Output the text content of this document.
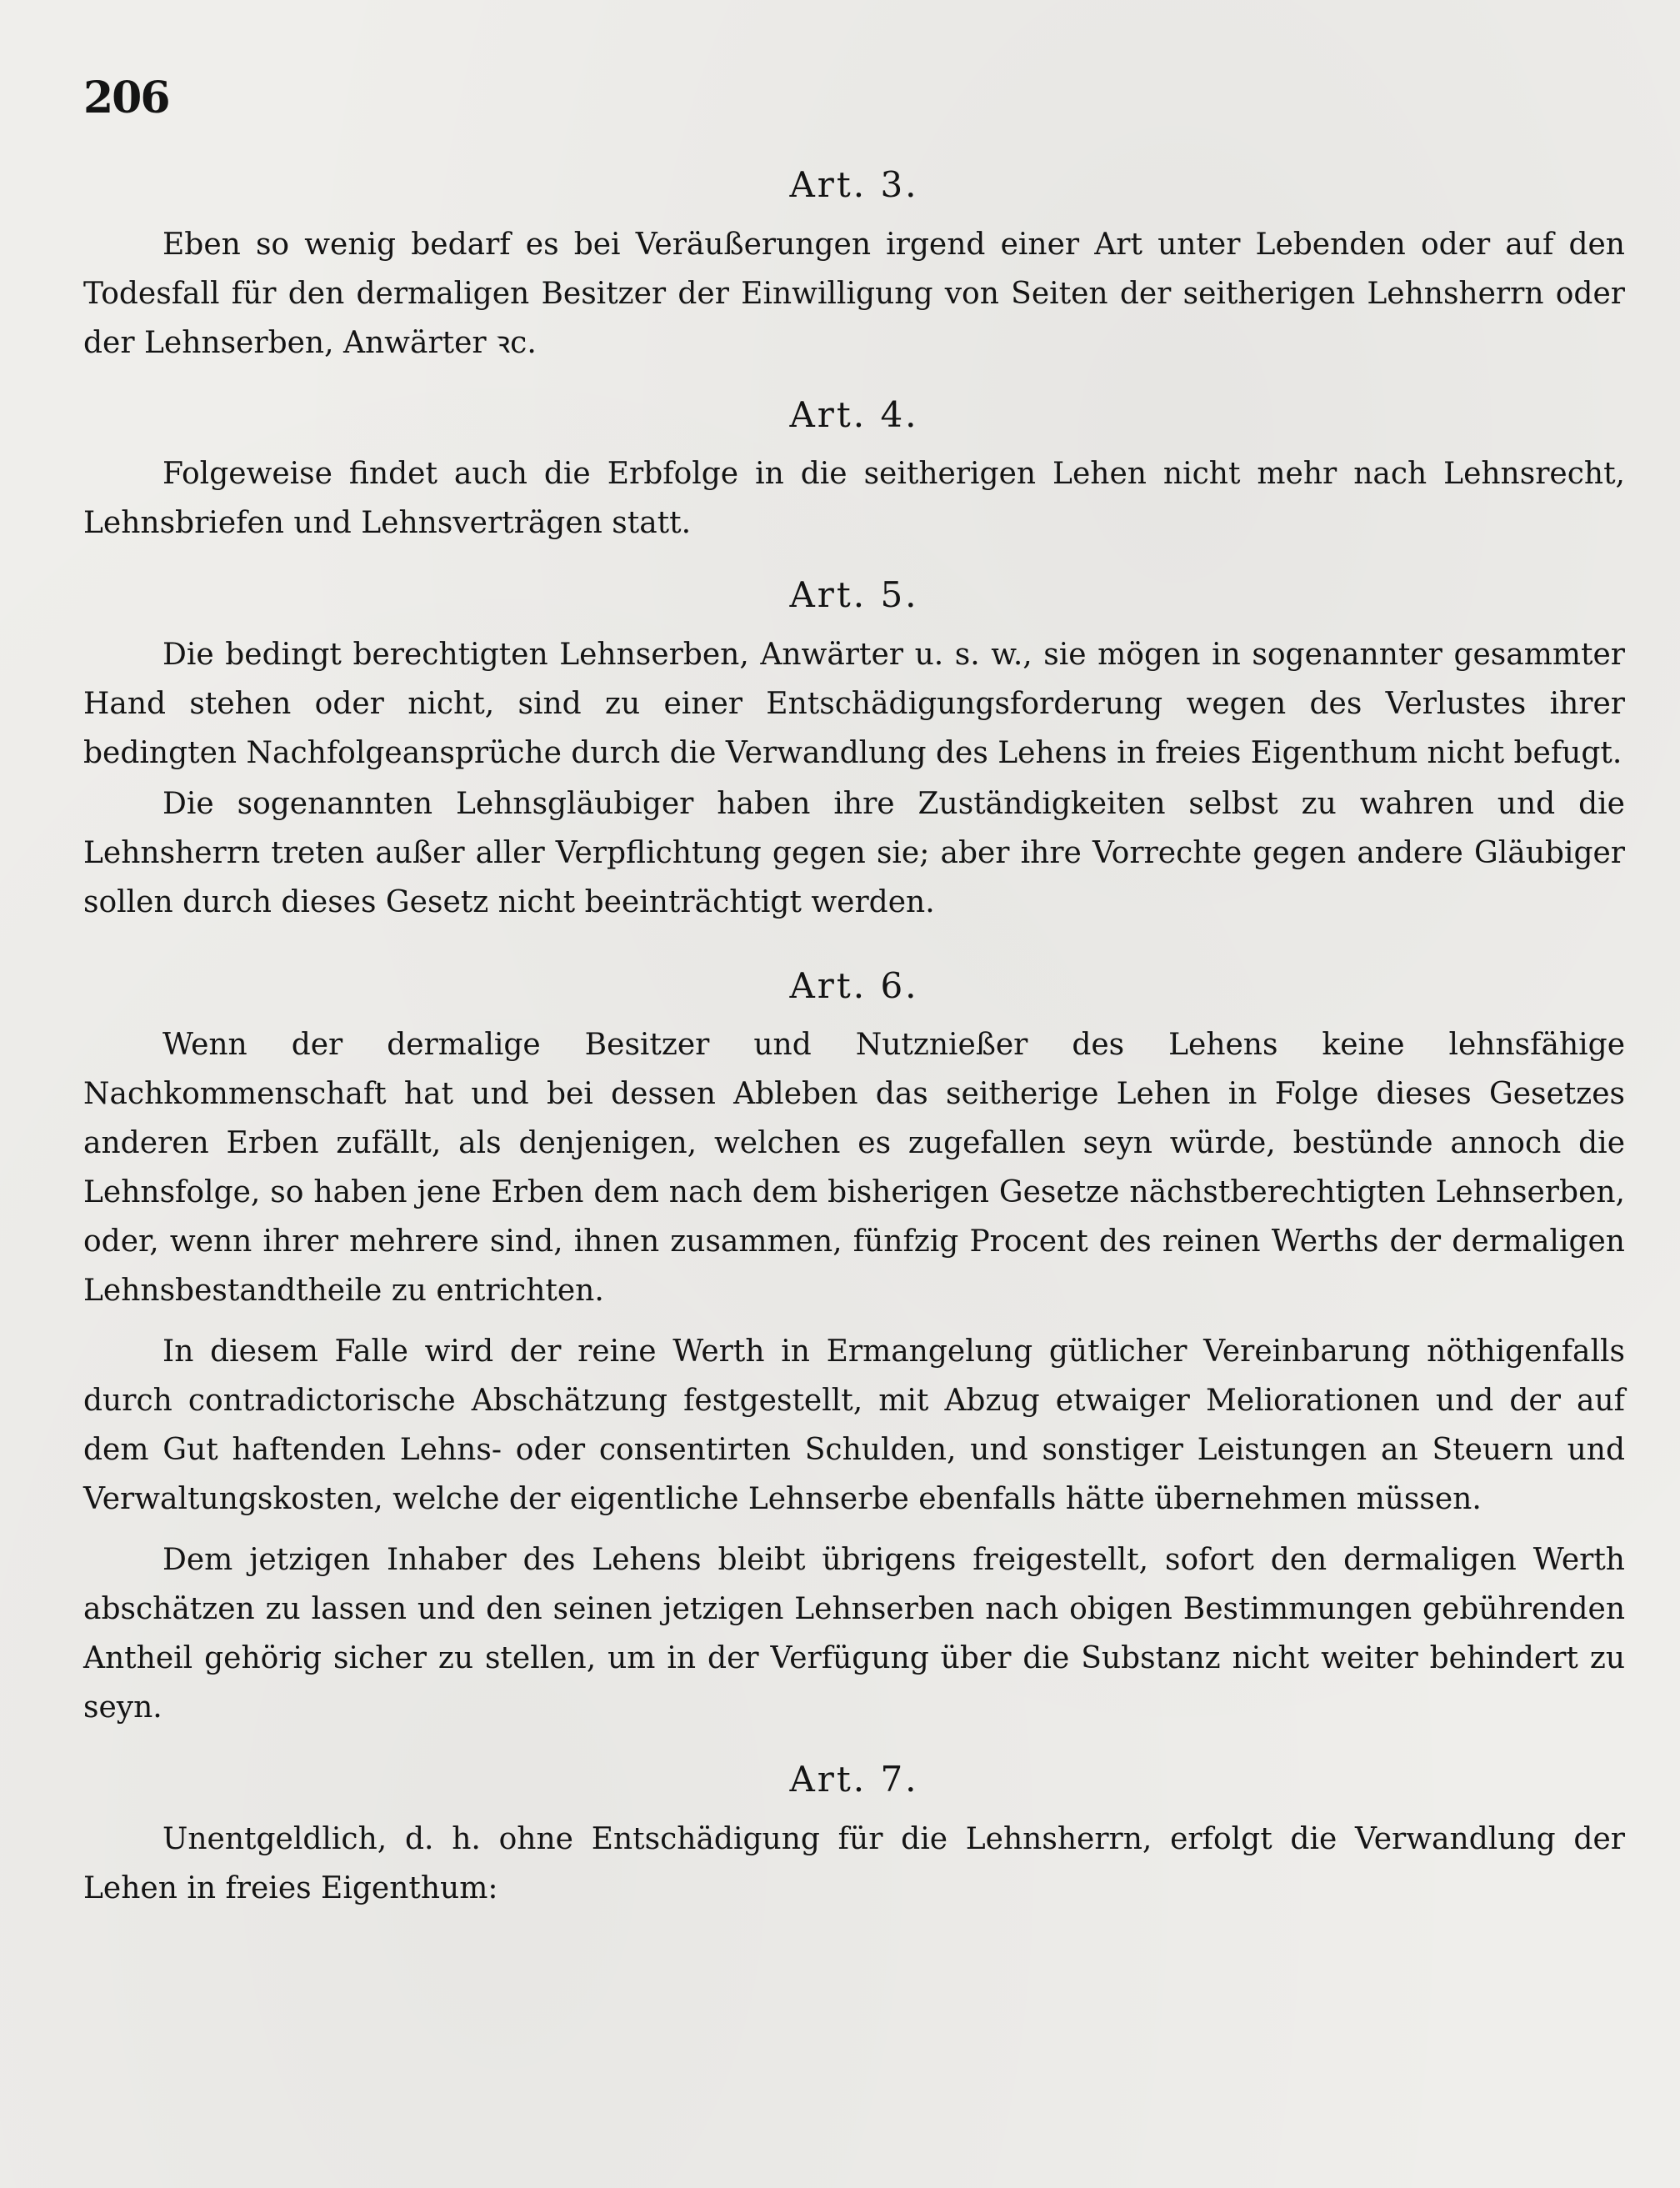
206
Art. 3.

Eben so wenig bedarf es bei Veräußerungen irgend einer Art unter Lebenden oder auf den Todesfall für den dermaligen Besitzer der Einwilligung von Seiten der seitherigen Lehnsherrn oder der Lehnserben, Anwärter ꝛc.

Art. 4.

Folgeweise findet auch die Erbfolge in die seitherigen Lehen nicht mehr nach Lehnsrecht, Lehnsbriefen und Lehnsverträgen statt.

Art. 5.

Die bedingt berechtigten Lehnserben, Anwärter u. s. w., sie mögen in sogenannter gesammter Hand stehen oder nicht, sind zu einer Entschädigungsforderung wegen des Verlustes ihrer bedingten Nachfolgeansprüche durch die Verwandlung des Lehens in freies Eigenthum nicht befugt.

Die sogenannten Lehnsgläubiger haben ihre Zuständigkeiten selbst zu wahren und die Lehnsherrn treten außer aller Verpflichtung gegen sie; aber ihre Vorrechte gegen andere Gläubiger sollen durch dieses Gesetz nicht beeinträchtigt werden.

Art. 6.

Wenn der dermalige Besitzer und Nutznießer des Lehens keine lehnsfähige Nachkommenschaft hat und bei dessen Ableben das seitherige Lehen in Folge dieses Gesetzes anderen Erben zufällt, als denjenigen, welchen es zugefallen seyn würde, bestünde annoch die Lehnsfolge, so haben jene Erben dem nach dem bisherigen Gesetze nächstberechtigten Lehnserben, oder, wenn ihrer mehrere sind, ihnen zusammen, fünfzig Procent des reinen Werths der dermaligen Lehnsbestandtheile zu entrichten.

In diesem Falle wird der reine Werth in Ermangelung gütlicher Vereinbarung nöthigenfalls durch contradictorische Abschätzung festgestellt, mit Abzug etwaiger Meliorationen und der auf dem Gut haftenden Lehns- oder consentirten Schulden, und sonstiger Leistungen an Steuern und Verwaltungskosten, welche der eigentliche Lehnserbe ebenfalls hätte übernehmen müssen.

Dem jetzigen Inhaber des Lehens bleibt übrigens freigestellt, sofort den dermaligen Werth abschätzen zu lassen und den seinen jetzigen Lehnserben nach obigen Bestimmungen gebührenden Antheil gehörig sicher zu stellen, um in der Verfügung über die Substanz nicht weiter behindert zu seyn.

Art. 7.

Unentgeldlich, d. h. ohne Entschädigung für die Lehnsherrn, erfolgt die Verwandlung der Lehen in freies Eigenthum:
